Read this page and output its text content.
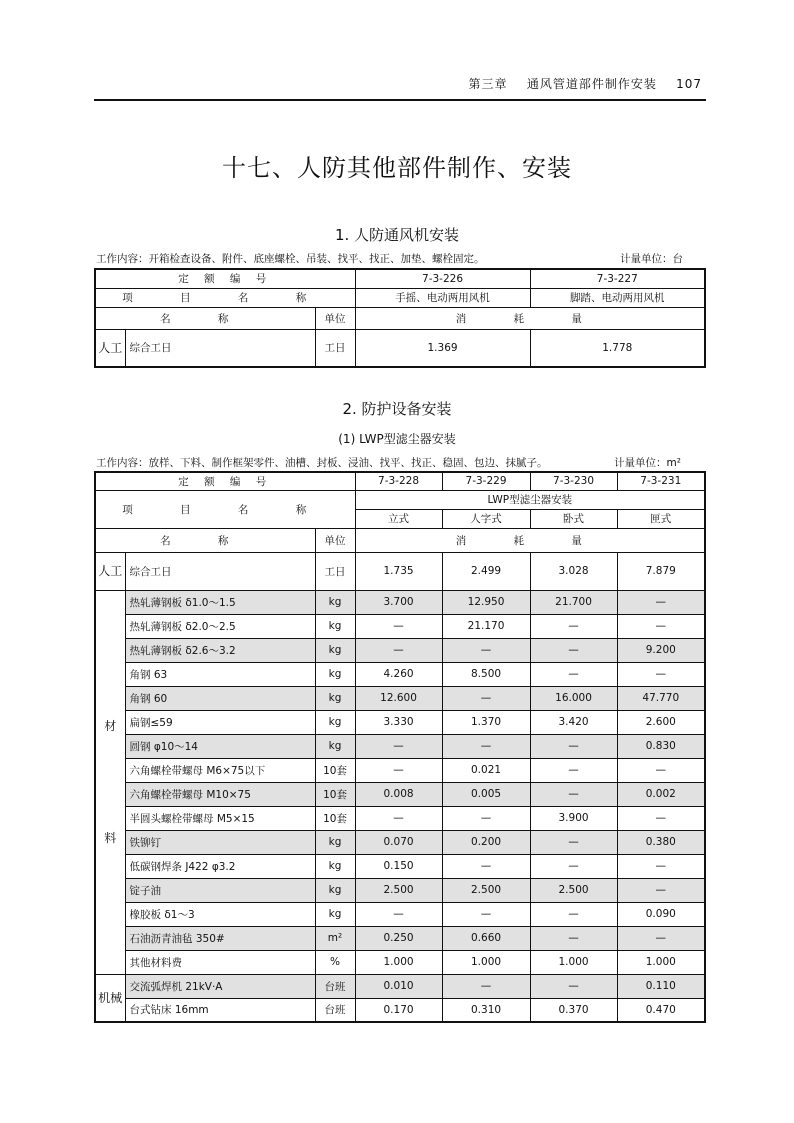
第三章 通风管道部件制作安装 107
十七、人防其他部件制作、安装
1. 人防通风机安装
工作内容：开箱检查设备、附件、底座螺栓、吊装、找平、找正、加垫、螺栓固定。	计量单位：台
定 额 编 号			7-3-226	7-3-227
项 目 名 称			手摇、电动两用风机	脚踏、电动两用风机
名 称		单位	消 耗 量	
人工	综合工日	工日	1.369	1.778
2. 防护设备安装
(1) LWP型滤尘器安装
工作内容：放样、下料、制作框架零件、油槽、封板、浸油、找平、找正、稳固、包边、抹腻子。	计量单位：m²
定 额 编 号			7-3-228	7-3-229	7-3-230	7-3-231
项 目 名 称			LWP型滤尘器安装			
			立式	人字式	卧式	匣式
名 称		单位	消 耗 量			
人工	综合工日	工日	1.735	2.499	3.028	7.879

材
料	热轧薄钢板 δ1.0～1.5	kg	3.700	12.950	21.700	—
	热轧薄钢板 δ2.0～2.5	kg	—	21.170	—	—
	热轧薄钢板 δ2.6～3.2	kg	—	—	—	9.200
	角钢 63	kg	4.260	8.500	—	—
	角钢 60	kg	12.600	—	16.000	47.770
	扁钢≤59	kg	3.330	1.370	3.420	2.600
	圆钢 φ10～14	kg	—	—	—	0.830
	六角螺栓带螺母 M6×75以下	10套	—	0.021	—	—
	六角螺栓带螺母 M10×75	10套	0.008	0.005	—	0.002
	半圆头螺栓带螺母 M5×15	10套	—	—	3.900	—
	铁铆钉	kg	0.070	0.200	—	0.380
	低碳钢焊条 J422 φ3.2	kg	0.150	—	—	—
	锭子油	kg	2.500	2.500	2.500	—
	橡胶板 δ1～3	kg	—	—	—	0.090
	石油沥青油毡 350#	m²	0.250	0.660	—	—
	其他材料费	%	1.000	1.000	1.000	1.000

机械	交流弧焊机 21kV·A	台班	0.010	—	—	0.110
	台式钻床 16mm	台班	0.170	0.310	0.370	0.470
